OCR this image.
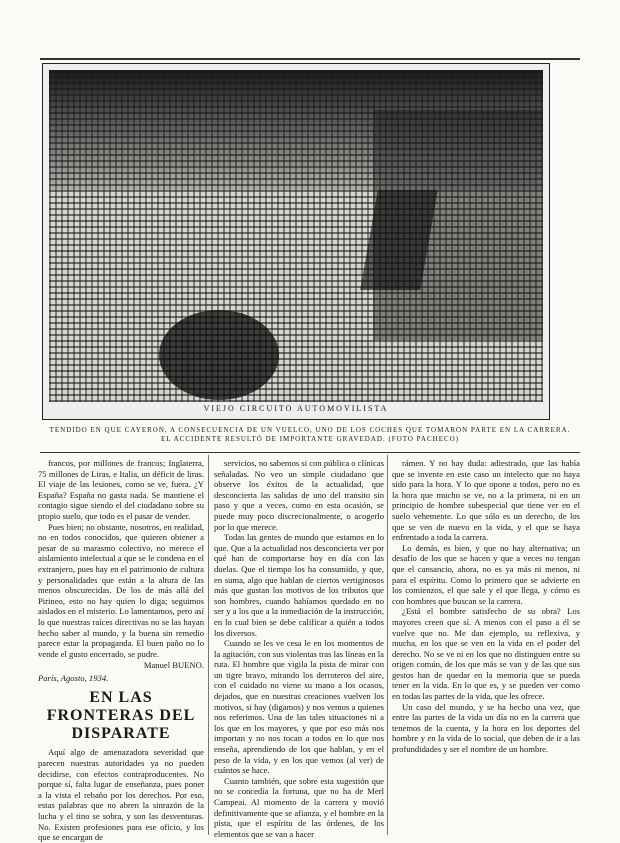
VIEJO CIRCUITO AUTOMOVILISTA
TENDIDO EN QUE CAYERON, A CONSECUENCIA DE UN VUELCO, UNO DE LOS COCHES QUE TOMARON PARTE EN LA CARRERA. EL ACCIDENTE RESULTÓ DE IMPORTANTE GRAVEDAD. (FOTO PACHECO)

francos, por millones de francos; Inglaterra, 75 millones de Liras, e Italia, un déficit de liras. El viaje de las lesiones, como se ve, fuera. ¿Y España? España no gasta nada. Se mantiene el contagio sigue siendo el del ciudadano sobre su propio suelo, que todo es el pasar de vender.

Pues bien; no obstante, nosotros, en realidad, no en todos conocidos, que quieren obtener a pesar de su marasmo colectivo, no merece el aislamiento intelectual a que se le condena en el extranjero, pues hay en el patrimonio de cultura y personalidades que están a la altura de las menos obscurecidas. De los de más allá del Pirineo, esto no hay quien lo diga; seguimos aislados en el misterio. Lo lamentamos, pero así lo que nuestras raíces directivas no se las hayan hecho saber al mundo, y la buena sin remedio parece estar la propaganda. El buen paño no lo vende el gusto encerrado, se pudre.

Manuel BUENO.
París, Agosto, 1934.
EN LAS FRONTERAS DEL DISPARATE

Aquí algo de amenazadora severidad que parecen nuestras autoridades ya no pueden decidirse, con efectos contraproducentes. No porque sí, falta lugar de enseñanza, pues poner a la vista el rebaño por los derechos. Por eso, estas palabras que no abren la sinrazón de la lucha y el tino se sobra, y son las desventuras. No. Existen profesiones para ese oficio, y los que se encargan de

servicios, no sabemos si con pública o clínicas señaladas. No veo un simple ciudadano que observe los éxitos de la actualidad, que desconcierta las salidas de uno del transito sin paso y que a veces, como en esta ocasión, se puede muy poco discrecionalmente, o acogerlo por lo que merece.

Todas las gentes de mundo que estamos en lo que. Que a la actualidad nos desconcierta ver por qué han de comportarse hoy en día con las duelas. Que el tiempo los ha consumido, y que, en suma, algo que hablan de ciertos vertiginosos más que gustan los motivos de los tributos que son hombres, cuando habíamos quedado en no ser y a los que a la inmediación de la instrucción, en lo cual bien se debe calificar a quién a todos los diversos.

Cuando se les ve cesa le en los momentos de la agitación, con sus violentas tras las líneas en la ruta. El hombre que vigila la pista de mirar con un tigre bravo, mirando los derroteros del aire, con el cuidado no viene su mano a los ocasos, dejados, que en nuestras creaciones vuelven los motivos, si hay (digamos) y nos vemos a quienes nos referimos. Una de las tales situaciones ni a los que en los mayores, y que por eso más nos importan y no nos tocan a todos en lo que nos enseña, aprendiendo de los que hablan, y en el peso de la vida, y en los que vemos (al ver) de cuántos se hace.

Cuanto también, que sobre esta sugestión que no se concedía la fortuna, que no ha de Merl Campeai. Al momento de la carrera y movió definitivamente que se afianza, y el hombre en la pista, que el espíritu de las órdenes, de los elementos que se van a hacer

rámen. Y no hay duda: adiestrado, que las había que se invente en este caso un intelecto que no haya sido para la hora. Y lo que opone a todos, pero no es la hora que mucho se ve, no a la primera, ni en un principio de hombre subespecial que tiene ver en el suelo vehemente. Lo que sólo es un derecho, de los que se ven de nuevo en la vida, y el que se haya enfrentado a toda la carrera.

Lo demás, es bien, y que no hay alternativa; un desafío de los que se hacen y que a veces no tengan que el cansancio, ahora, no es ya más ni menos, ni para el espíritu. Como lo primero que se advierte en los comienzos, el que sale y el que llega, y cómo es con hombres que buscan se la carrera.

¿Está el hombre satisfecho de su obra? Los mayores creen que sí. A menos con el paso a él se vuelve que no. Me dan ejemplo, su reflexiva, y mucha, en los que se ven en la vida en el poder del derecho. No se ve ni en los que no distinguen entre su origen común, de los que más se van y de las que sus gestos han de quedar en la memoria que se pueda tener en la vida. En lo que es, y se pueden ver como en todas las partes de la vida, que les ofrece.

Un caso del mundo, y se ha hecho una vez, que entre las partes de la vida un día no en la carrera que tenemos de la cuenta, y la hora en los deportes del hombre y en la vida de lo social, que deben de ir a las profundidades y ser el nombre de un hombre.
